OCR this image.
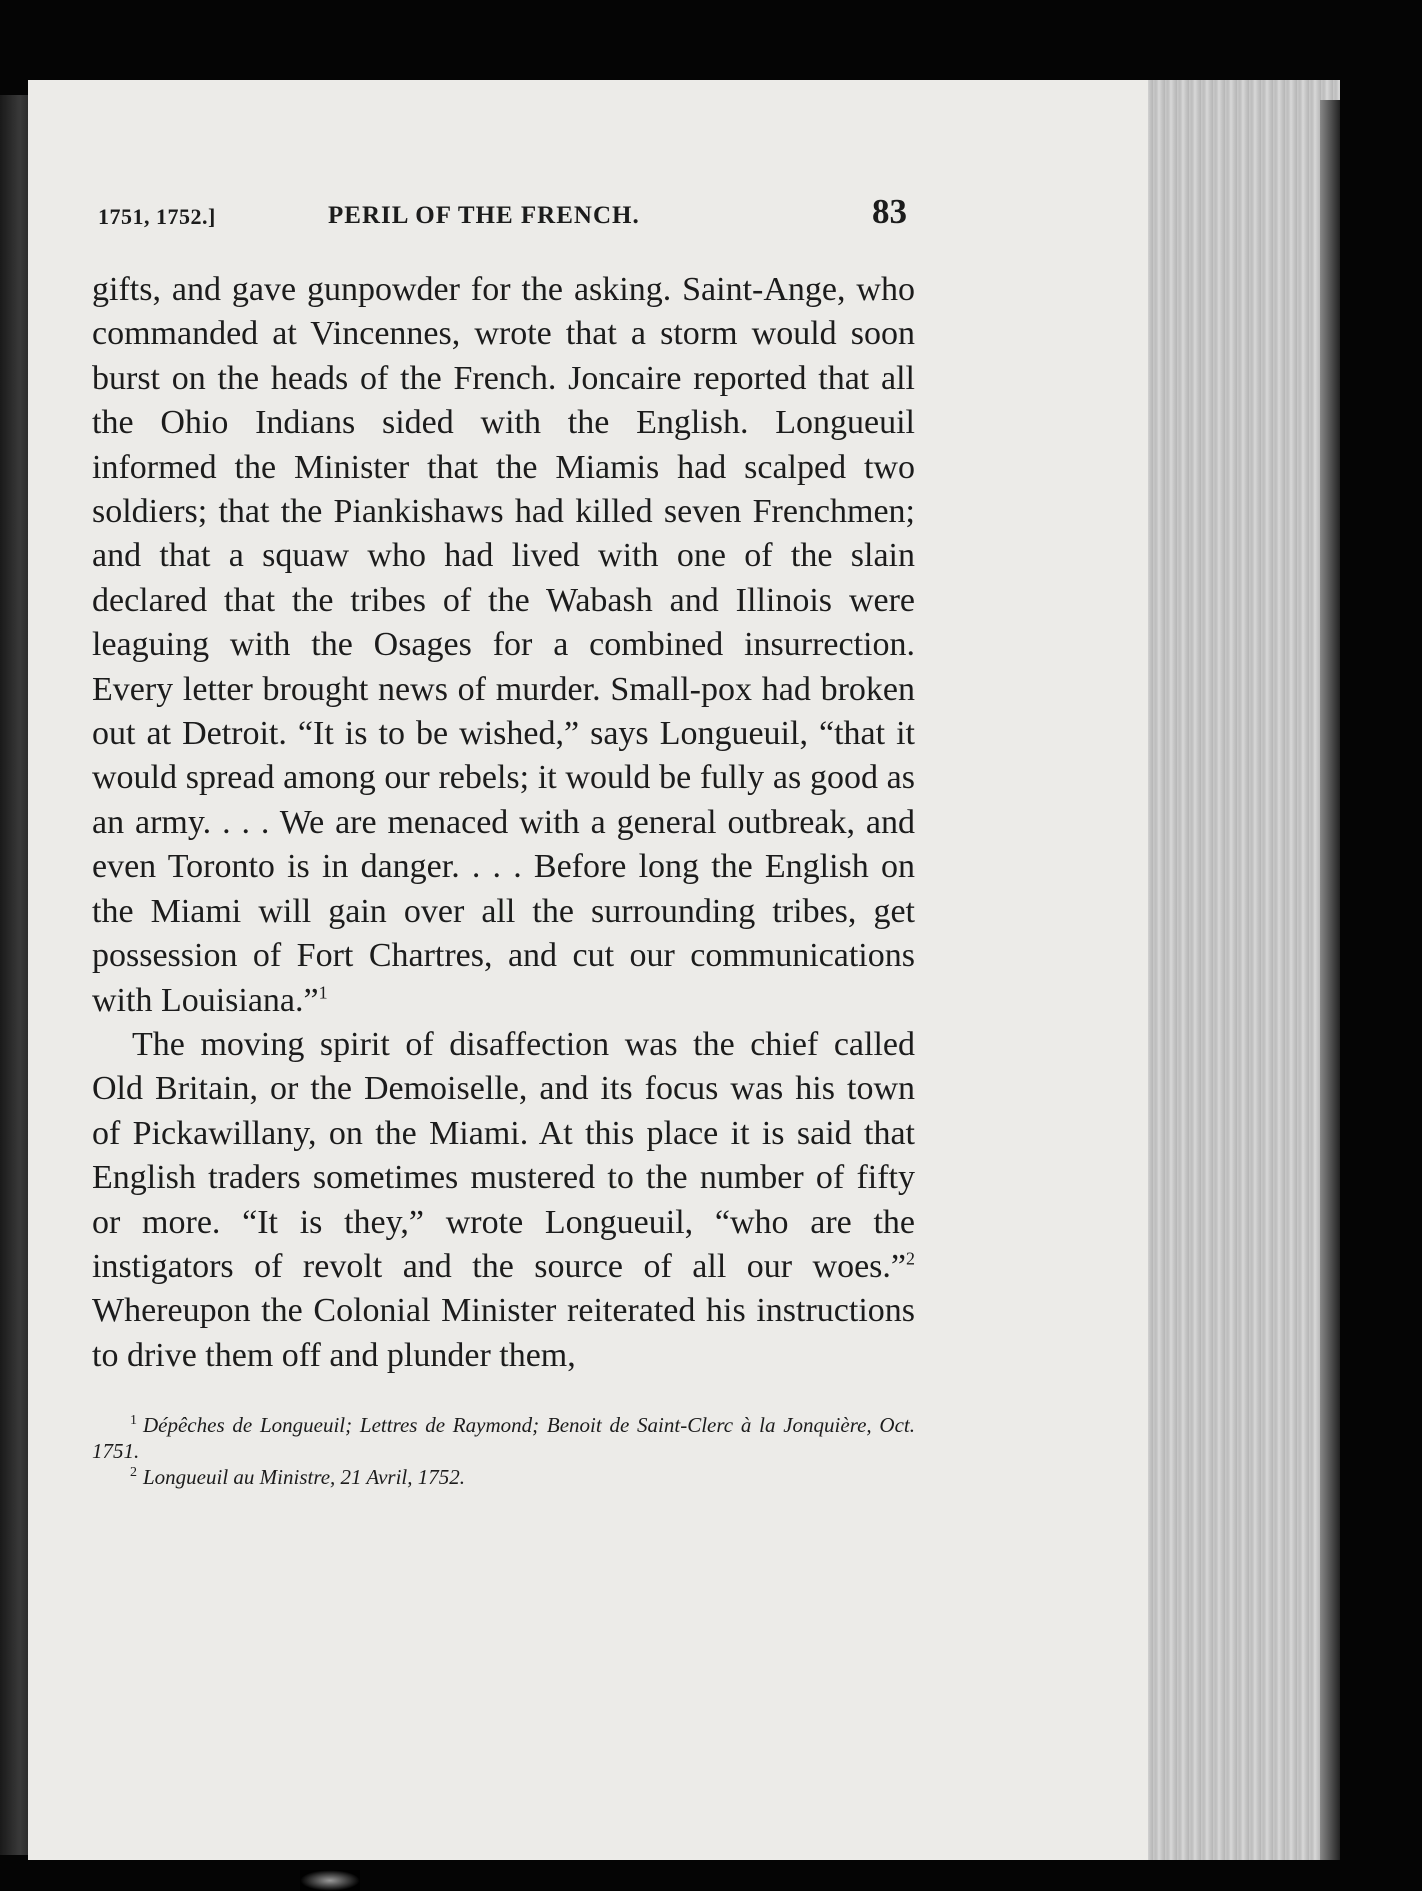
1751, 1752.]	PERIL OF THE FRENCH.	83

gifts, and gave gunpowder for the asking. Saint-Ange, who commanded at Vincennes, wrote that a storm would soon burst on the heads of the French. Joncaire reported that all the Ohio Indians sided with the English. Longueuil informed the Minister that the Miamis had scalped two soldiers; that the Piankishaws had killed seven Frenchmen; and that a squaw who had lived with one of the slain declared that the tribes of the Wabash and Illinois were leaguing with the Osages for a combined insurrection. Every letter brought news of murder. Small-pox had broken out at Detroit. “It is to be wished,” says Longueuil, “that it would spread among our rebels; it would be fully as good as an army. . . . We are menaced with a general outbreak, and even Toronto is in danger. . . . Before long the English on the Miami will gain over all the surrounding tribes, get possession of Fort Chartres, and cut our communications with Louisiana.”$^1$

The moving spirit of disaffection was the chief called Old Britain, or the Demoiselle, and its focus was his town of Pickawillany, on the Miami. At this place it is said that English traders sometimes mustered to the number of fifty or more. “It is they,” wrote Longueuil, “who are the instigators of revolt and the source of all our woes.”$^2$ Whereupon the Colonial Minister reiterated his instructions to drive them off and plunder them,

$^1$ Dépêches de Longueuil; Lettres de Raymond; Benoit de Saint-Clerc à la Jonquière, Oct. 1751.

$^2$ Longueuil au Ministre, 21 Avril, 1752.
